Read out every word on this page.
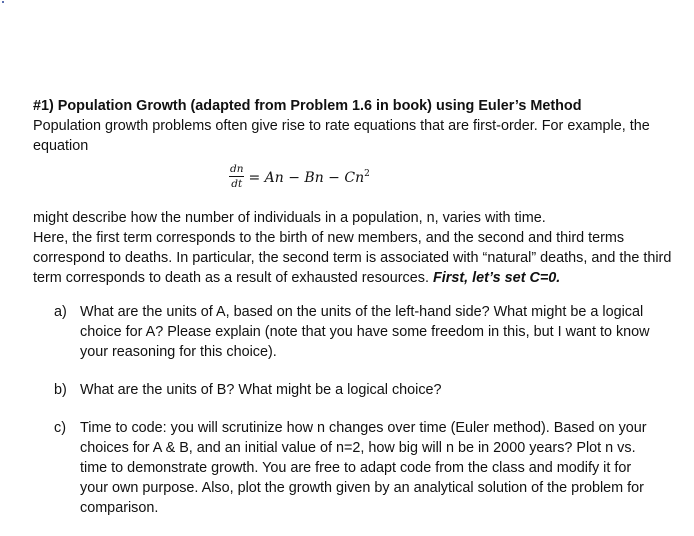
#1) Population Growth (adapted from Problem 1.6 in book) using Euler’s Method

Population growth problems often give rise to rate equations that are first-order. For example, the equation

$\frac{dn}{dt} = An - Bn - Cn^2$

might describe how the number of individuals in a population, n, varies with time.

Here, the first term corresponds to the birth of new members, and the second and third terms correspond to deaths. In particular, the second term is associated with “natural” deaths, and the third term corresponds to death as a result of exhausted resources. First, let’s set C=0.

a) What are the units of A, based on the units of the left-hand side? What might be a logical choice for A? Please explain (note that you have some freedom in this, but I want to know your reasoning for this choice).
b) What are the units of B? What might be a logical choice?
c) Time to code: you will scrutinize how n changes over time (Euler method). Based on your choices for A & B, and an initial value of n=2, how big will n be in 2000 years? Plot n vs. time to demonstrate growth. You are free to adapt code from the class and modify it for your own purpose. Also, plot the growth given by an analytical solution of the problem for comparison.
